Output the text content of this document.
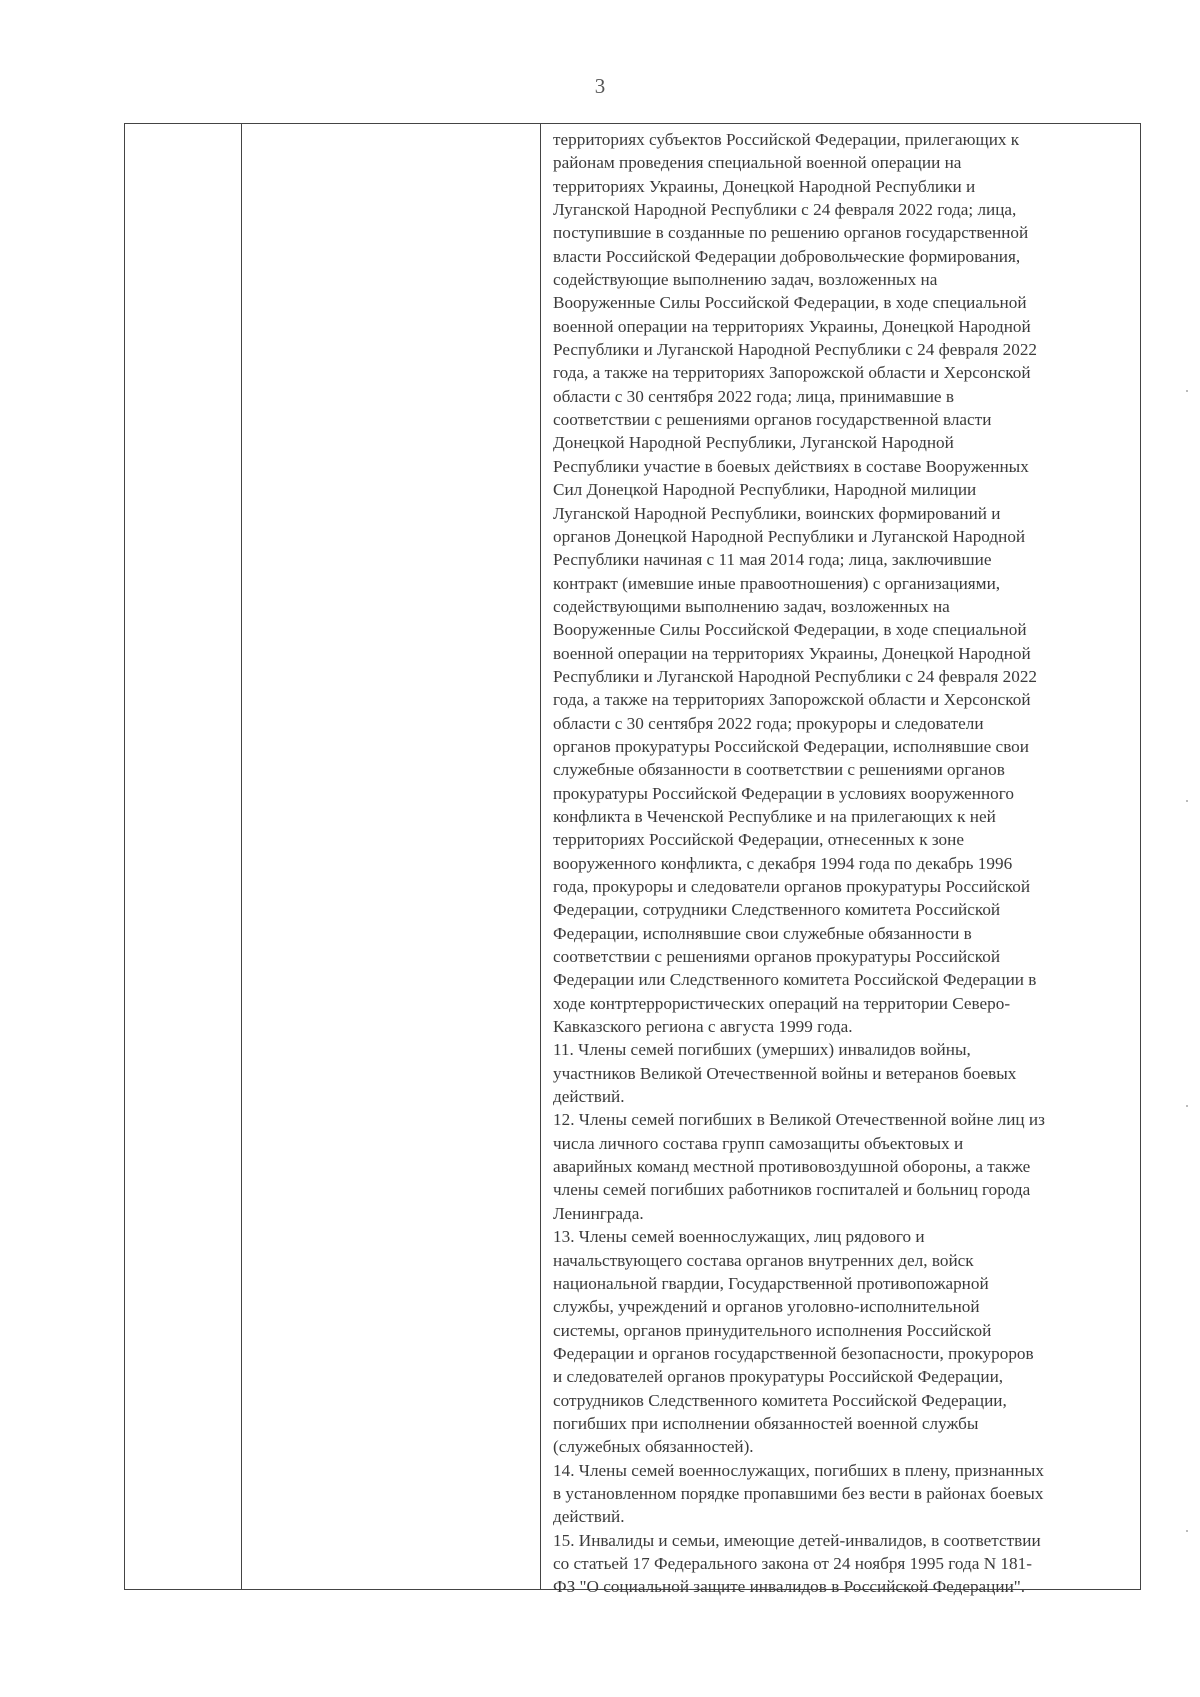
3
территориях субъектов Российской Федерации, прилегающих к
районам проведения специальной военной операции на
территориях Украины, Донецкой Народной Республики и
Луганской Народной Республики с 24 февраля 2022 года; лица,
поступившие в созданные по решению органов государственной
власти Российской Федерации добровольческие формирования,
содействующие выполнению задач, возложенных на
Вооруженные Силы Российской Федерации, в ходе специальной
военной операции на территориях Украины, Донецкой Народной
Республики и Луганской Народной Республики с 24 февраля 2022
года, а также на территориях Запорожской области и Херсонской
области с 30 сентября 2022 года; лица, принимавшие в
соответствии с решениями органов государственной власти
Донецкой Народной Республики, Луганской Народной
Республики участие в боевых действиях в составе Вооруженных
Сил Донецкой Народной Республики, Народной милиции
Луганской Народной Республики, воинских формирований и
органов Донецкой Народной Республики и Луганской Народной
Республики начиная с 11 мая 2014 года; лица, заключившие
контракт (имевшие иные правоотношения) с организациями,
содействующими выполнению задач, возложенных на
Вооруженные Силы Российской Федерации, в ходе специальной
военной операции на территориях Украины, Донецкой Народной
Республики и Луганской Народной Республики с 24 февраля 2022
года, а также на территориях Запорожской области и Херсонской
области с 30 сентября 2022 года; прокуроры и следователи
органов прокуратуры Российской Федерации, исполнявшие свои
служебные обязанности в соответствии с решениями органов
прокуратуры Российской Федерации в условиях вооруженного
конфликта в Чеченской Республике и на прилегающих к ней
территориях Российской Федерации, отнесенных к зоне
вооруженного конфликта, с декабря 1994 года по декабрь 1996
года, прокуроры и следователи органов прокуратуры Российской
Федерации, сотрудники Следственного комитета Российской
Федерации, исполнявшие свои служебные обязанности в
соответствии с решениями органов прокуратуры Российской
Федерации или Следственного комитета Российской Федерации в
ходе контртеррористических операций на территории Северо-
Кавказского региона с августа 1999 года.
11. Члены семей погибших (умерших) инвалидов войны,
участников Великой Отечественной войны и ветеранов боевых
действий.
12. Члены семей погибших в Великой Отечественной войне лиц из
числа личного состава групп самозащиты объектовых и
аварийных команд местной противовоздушной обороны, а также
члены семей погибших работников госпиталей и больниц города
Ленинграда.
13. Члены семей военнослужащих, лиц рядового и
начальствующего состава органов внутренних дел, войск
национальной гвардии, Государственной противопожарной
службы, учреждений и органов уголовно-исполнительной
системы, органов принудительного исполнения Российской
Федерации и органов государственной безопасности, прокуроров
и следователей органов прокуратуры Российской Федерации,
сотрудников Следственного комитета Российской Федерации,
погибших при исполнении обязанностей военной службы
(служебных обязанностей).
14. Члены семей военнослужащих, погибших в плену, признанных
в установленном порядке пропавшими без вести в районах боевых
действий.
15. Инвалиды и семьи, имеющие детей-инвалидов, в соответствии
со статьей 17 Федерального закона от 24 ноября 1995 года N 181-
ФЗ "О социальной защите инвалидов в Российской Федерации".
